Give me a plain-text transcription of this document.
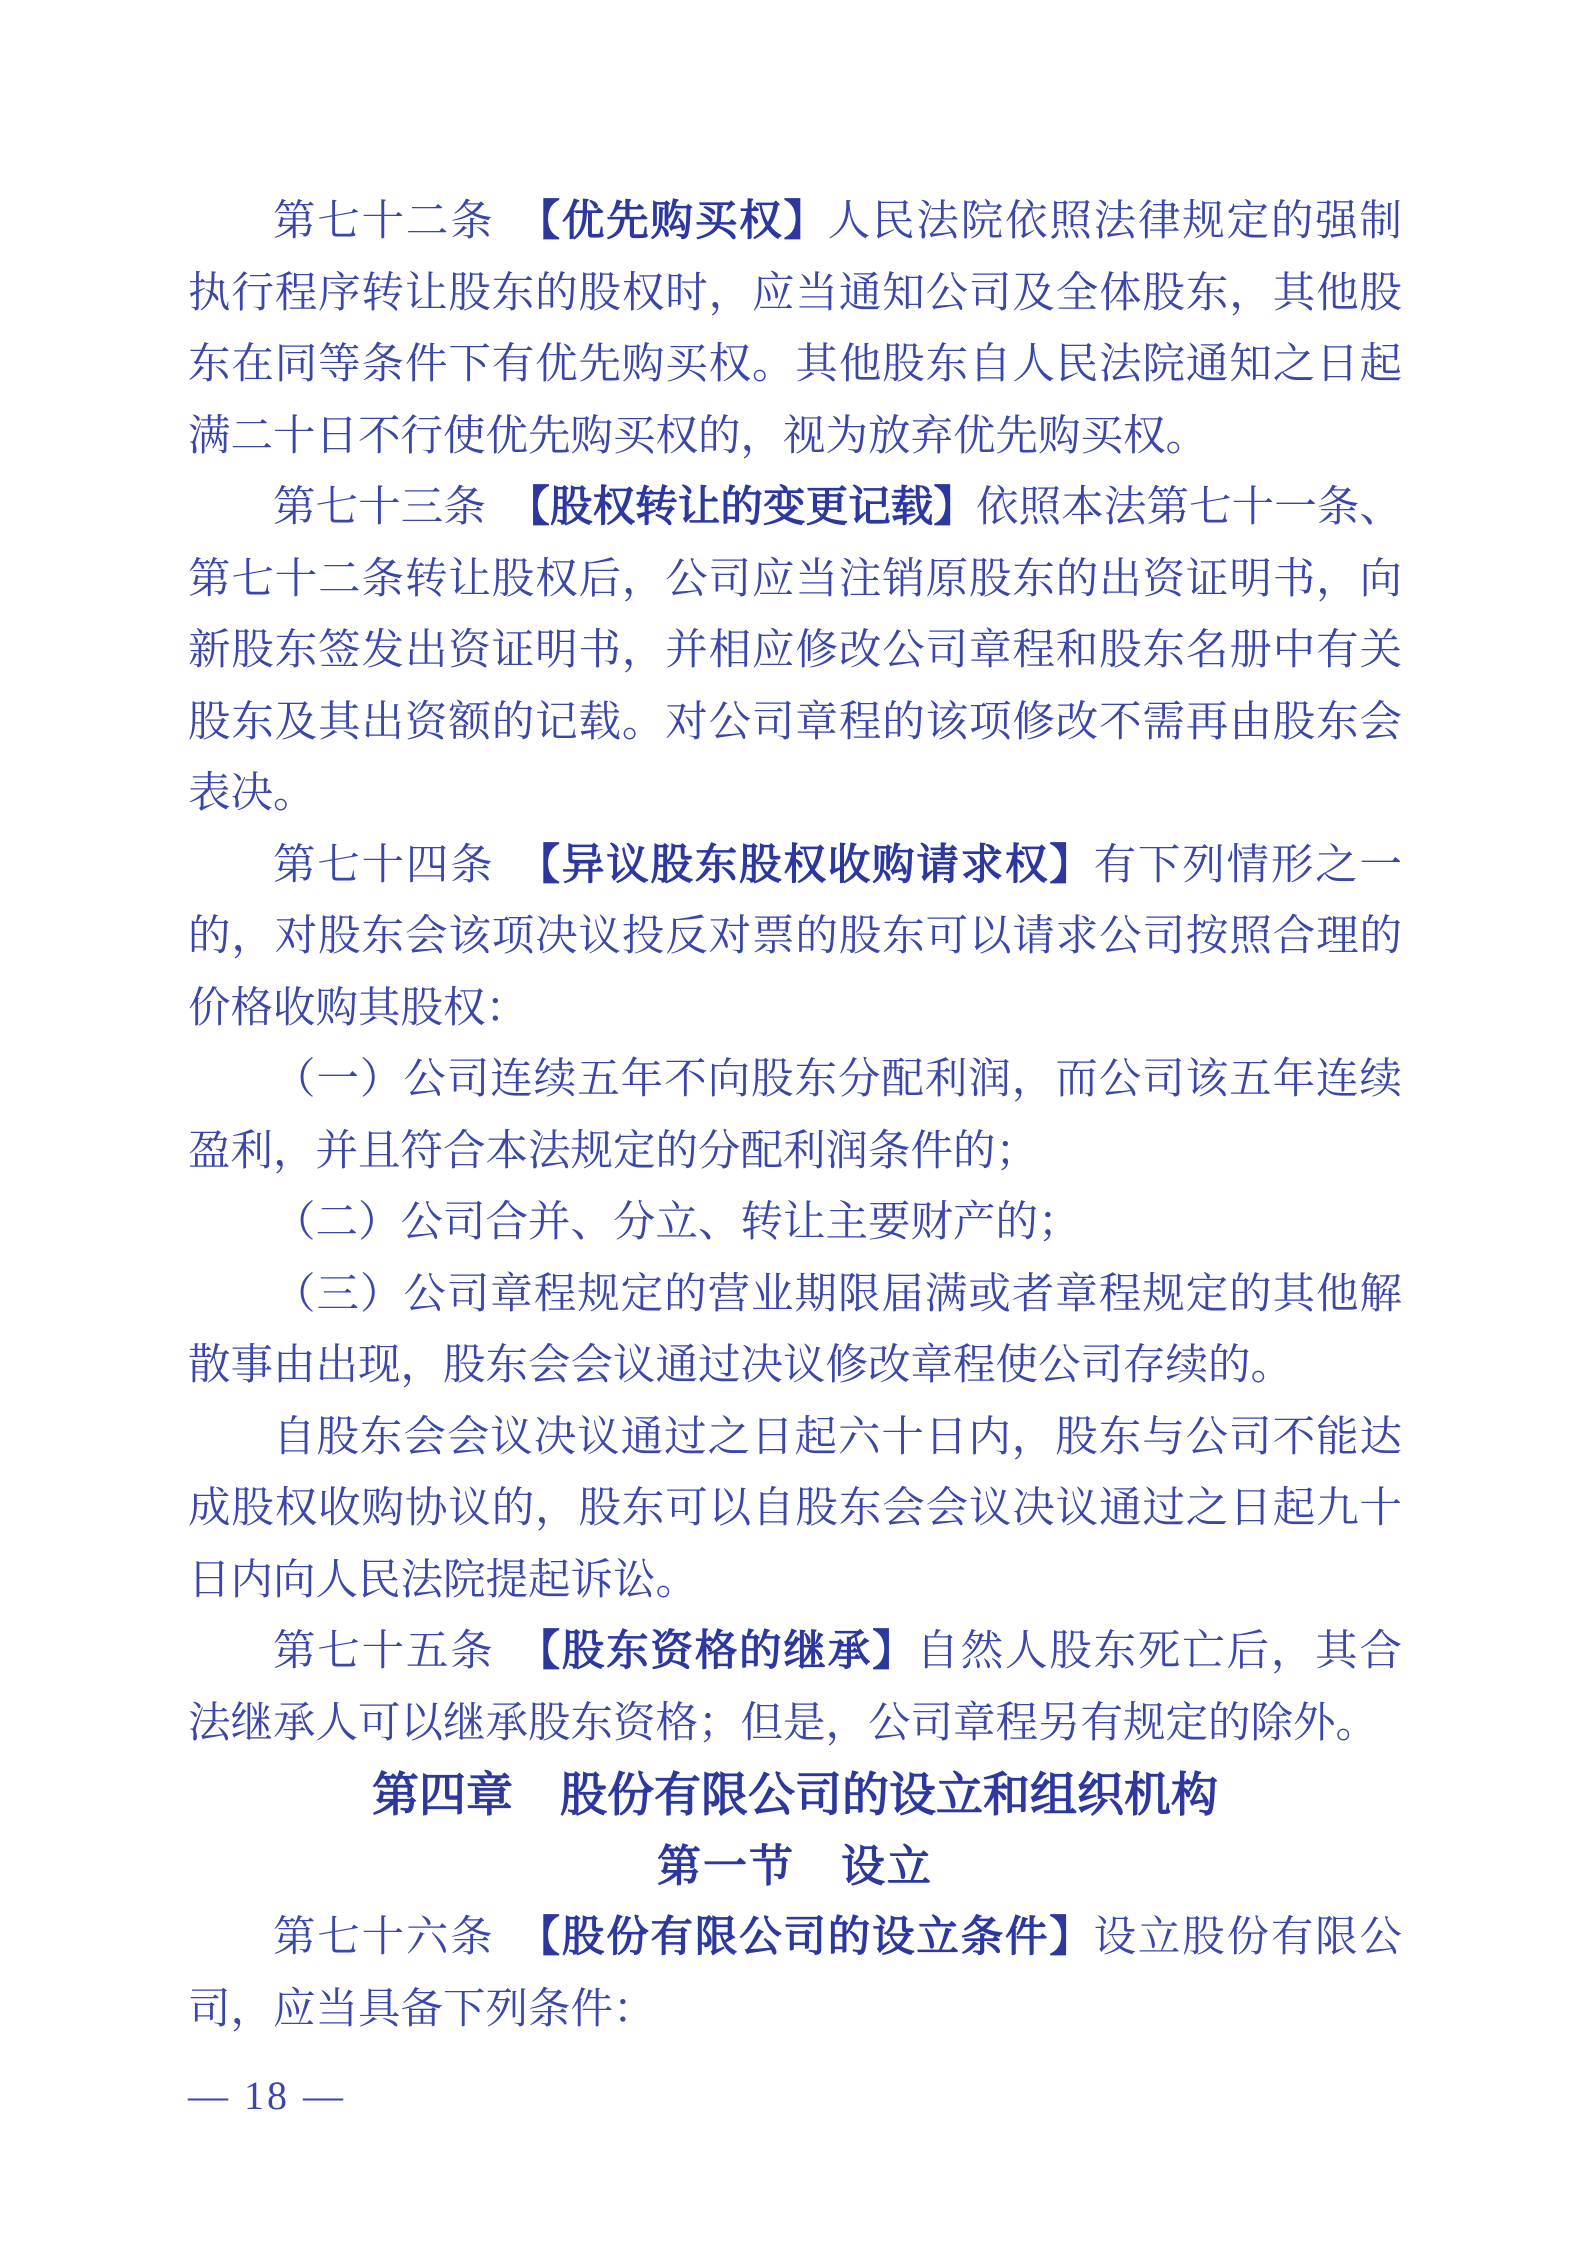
第七十二条　【优先购买权】人民法院依照法律规定的强制
执行程序转让股东的股权时，应当通知公司及全体股东，其他股
东在同等条件下有优先购买权。其他股东自人民法院通知之日起
满二十日不行使优先购买权的，视为放弃优先购买权。
第七十三条　【股权转让的变更记载】依照本法第七十一条、
第七十二条转让股权后，公司应当注销原股东的出资证明书，向
新股东签发出资证明书，并相应修改公司章程和股东名册中有关
股东及其出资额的记载。对公司章程的该项修改不需再由股东会
表决。
第七十四条　【异议股东股权收购请求权】有下列情形之一
的，对股东会该项决议投反对票的股东可以请求公司按照合理的
价格收购其股权：
（一）公司连续五年不向股东分配利润，而公司该五年连续
盈利，并且符合本法规定的分配利润条件的；
（二）公司合并、分立、转让主要财产的；
（三）公司章程规定的营业期限届满或者章程规定的其他解
散事由出现，股东会会议通过决议修改章程使公司存续的。
自股东会会议决议通过之日起六十日内，股东与公司不能达
成股权收购协议的，股东可以自股东会会议决议通过之日起九十
日内向人民法院提起诉讼。
第七十五条　【股东资格的继承】自然人股东死亡后，其合
法继承人可以继承股东资格；但是，公司章程另有规定的除外。
第四章　股份有限公司的设立和组织机构
第一节　设立
第七十六条　【股份有限公司的设立条件】设立股份有限公
司，应当具备下列条件：
— 18 —
